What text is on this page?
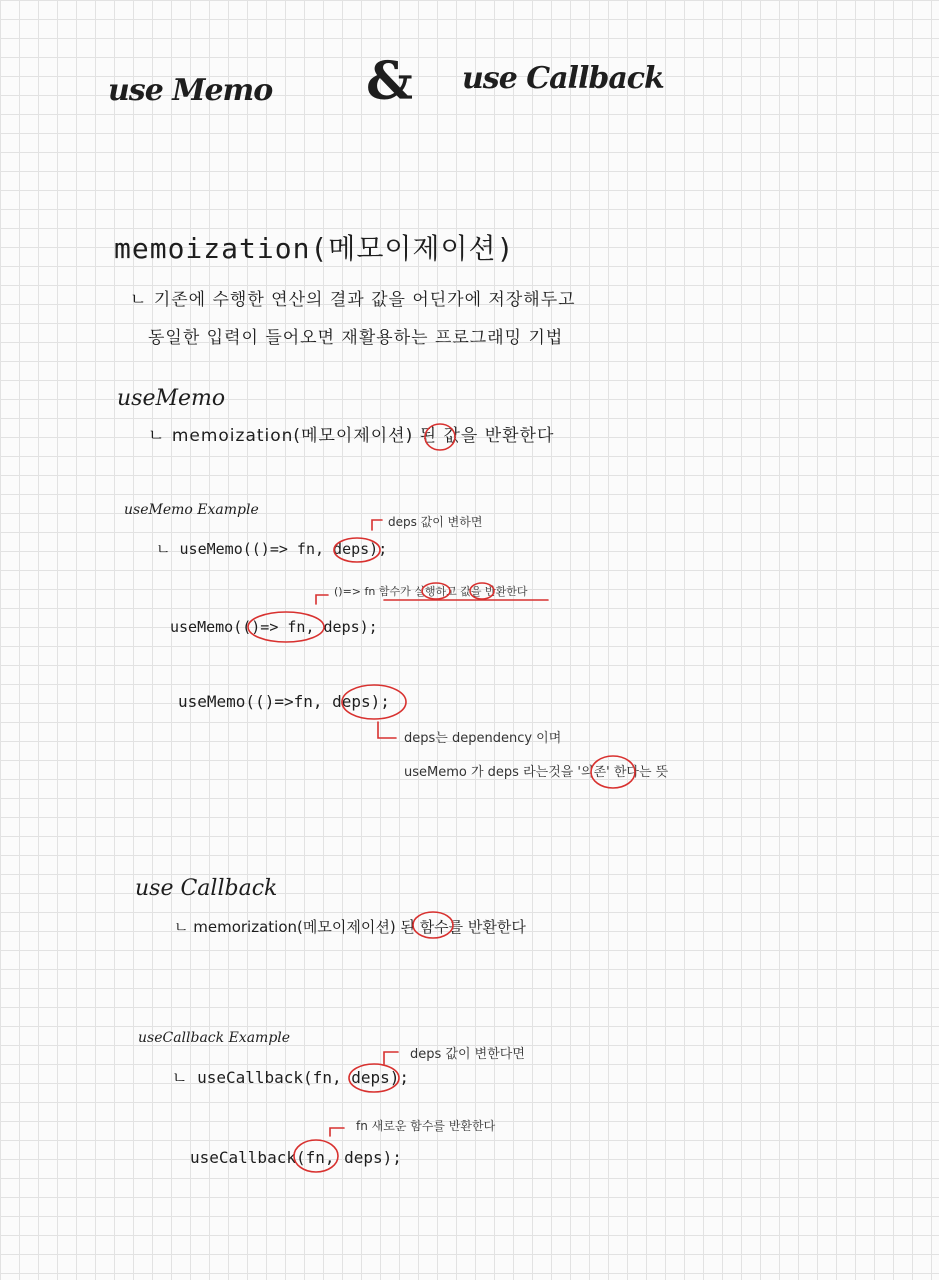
use Memo & use Callback
memoization(메모이제이션)
ㄴ 기존에 수행한 연산의 결과 값을 어딘가에 저장해두고
동일한 입력이 들어오면 재활용하는 프로그래밍 기법
useMemo
ㄴ memoization(메모이제이션) 된 값을 반환한다
useMemo Example
deps 값이 변하면
ㄴ useMemo(()=> fn, deps);
()=> fn 함수가 실행하고 값을 반환한다
useMemo(()=> fn, deps);
useMemo(()=>fn, deps);
deps는 dependency 이며
useMemo 가 deps 라는것을 '의존' 한다는 뜻
use Callback
ㄴ memorization(메모이제이션) 된 함수를 반환한다
useCallback Example
deps 값이 변한다면
ㄴ useCallback(fn, deps);
fn 새로운 함수를 반환한다
useCallback(fn, deps);
